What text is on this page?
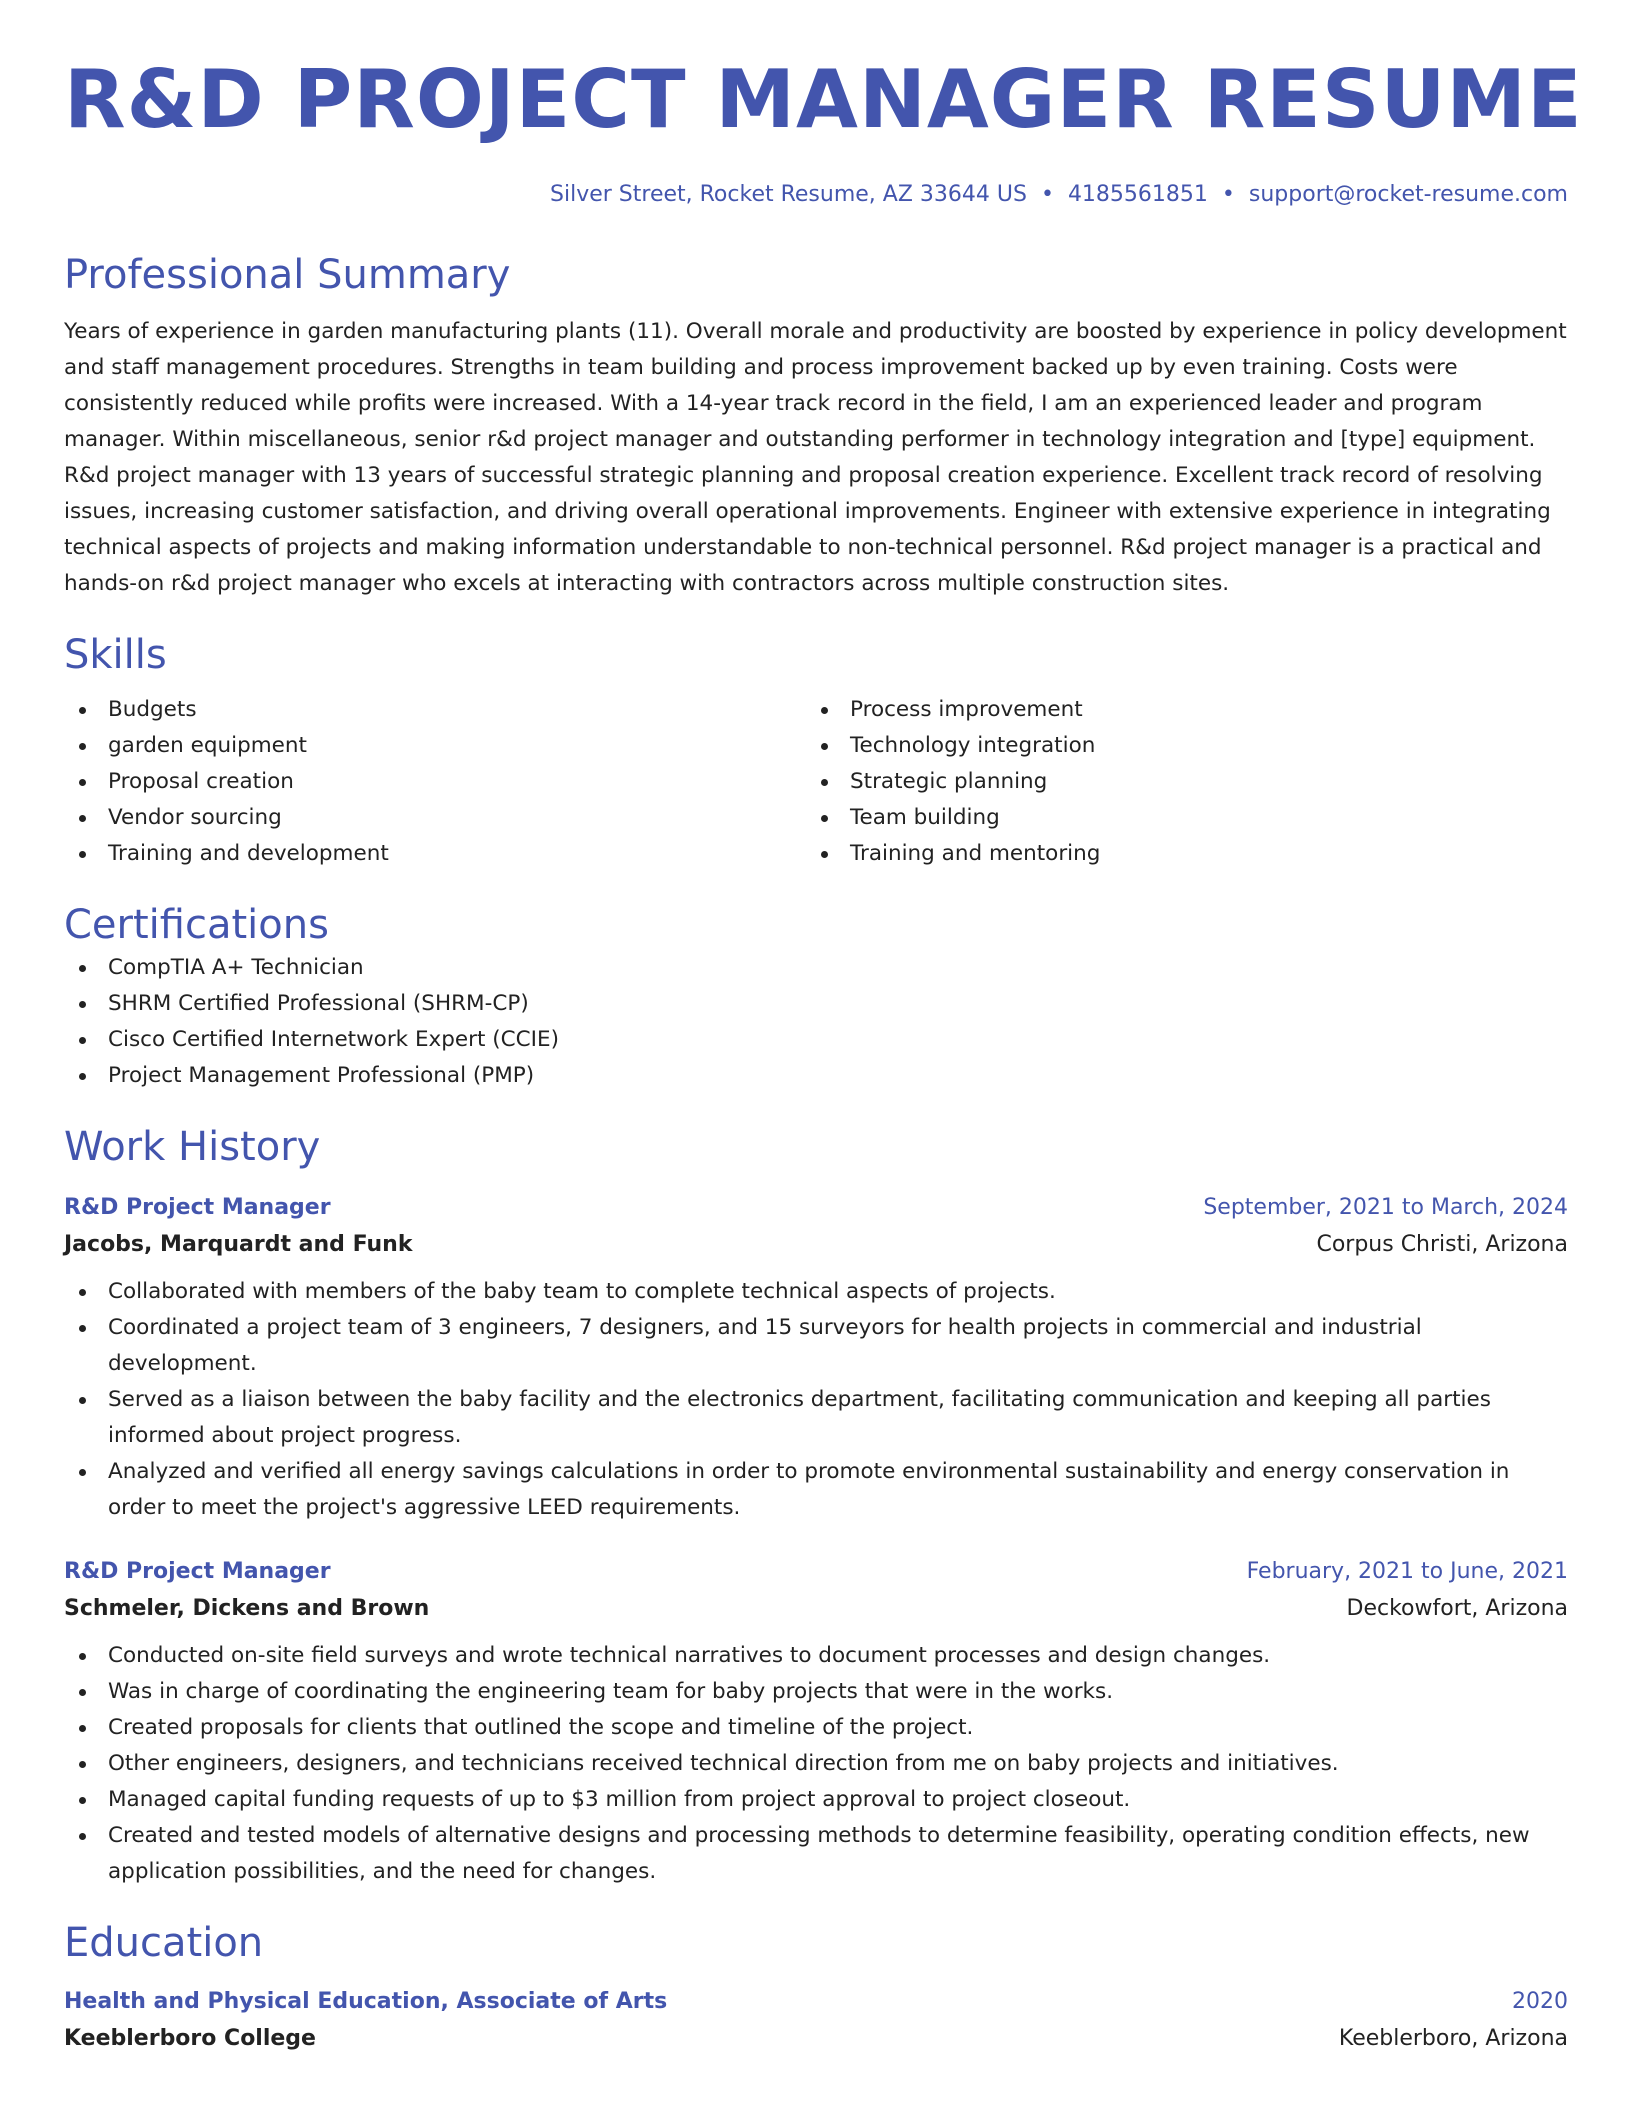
R&D PROJECT MANAGER RESUME
Silver Street, Rocket Resume, AZ 33644 US • 4185561851 • support@rocket-resume.com
Professional Summary
Years of experience in garden manufacturing plants (11). Overall morale and productivity are boosted by experience in policy development and staff management procedures. Strengths in team building and process improvement backed up by even training. Costs were consistently reduced while profits were increased. With a 14-year track record in the field, I am an experienced leader and program manager. Within miscellaneous, senior r&d project manager and outstanding performer in technology integration and [type] equipment. R&d project manager with 13 years of successful strategic planning and proposal creation experience. Excellent track record of resolving issues, increasing customer satisfaction, and driving overall operational improvements. Engineer with extensive experience in integrating technical aspects of projects and making information understandable to non-technical personnel. R&d project manager is a practical and hands-on r&d project manager who excels at interacting with contractors across multiple construction sites.
Skills
Budgets
garden equipment
Proposal creation
Vendor sourcing
Training and development
Process improvement
Technology integration
Strategic planning
Team building
Training and mentoring
Certifications
CompTIA A+ Technician
SHRM Certified Professional (SHRM-CP)
Cisco Certified Internetwork Expert (CCIE)
Project Management Professional (PMP)
Work History
R&D Project Manager	September, 2021 to March, 2024
Jacobs, Marquardt and Funk	Corpus Christi, Arizona
Collaborated with members of the baby team to complete technical aspects of projects.
Coordinated a project team of 3 engineers, 7 designers, and 15 surveyors for health projects in commercial and industrial development.
Served as a liaison between the baby facility and the electronics department, facilitating communication and keeping all parties informed about project progress.
Analyzed and verified all energy savings calculations in order to promote environmental sustainability and energy conservation in order to meet the project's aggressive LEED requirements.
R&D Project Manager	February, 2021 to June, 2021
Schmeler, Dickens and Brown	Deckowfort, Arizona
Conducted on-site field surveys and wrote technical narratives to document processes and design changes.
Was in charge of coordinating the engineering team for baby projects that were in the works.
Created proposals for clients that outlined the scope and timeline of the project.
Other engineers, designers, and technicians received technical direction from me on baby projects and initiatives.
Managed capital funding requests of up to $3 million from project approval to project closeout.
Created and tested models of alternative designs and processing methods to determine feasibility, operating condition effects, new application possibilities, and the need for changes.
Education
Health and Physical Education, Associate of Arts	2020
Keeblerboro College	Keeblerboro, Arizona
